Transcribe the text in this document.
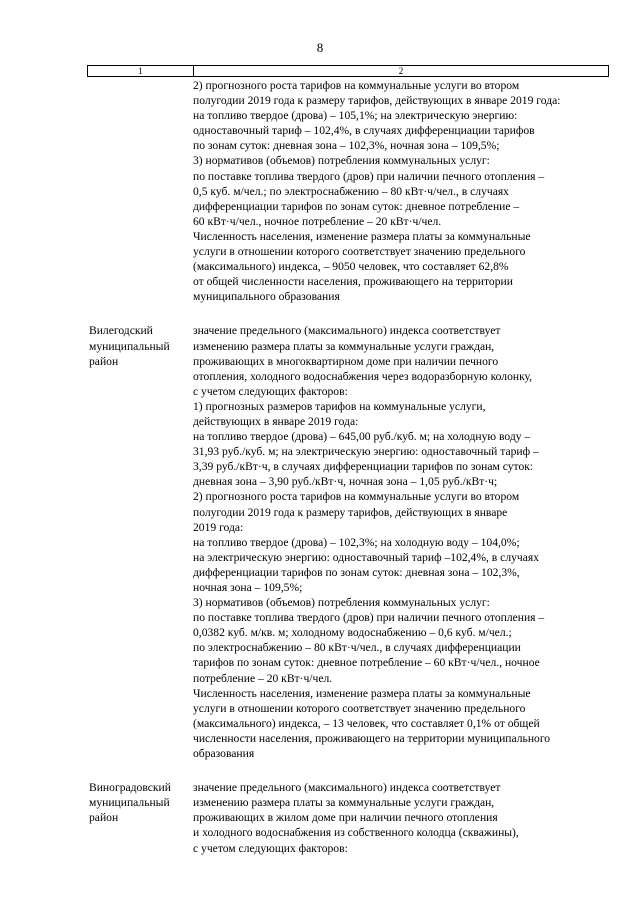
8
1	2
2) прогнозного роста тарифов на коммунальные услуги во втором
полугодии 2019 года к размеру тарифов, действующих в январе 2019 года:
на топливо твердое (дрова) – 105,1%; на электрическую энергию:
одноставочный тариф – 102,4%, в случаях дифференциации тарифов
по зонам суток: дневная зона – 102,3%, ночная зона – 109,5%;
3) нормативов (объемов) потребления коммунальных услуг:
по поставке топлива твердого (дров) при наличии печного отопления –
0,5 куб. м/чел.; по электроснабжению – 80 кВт·ч/чел., в случаях
дифференциации тарифов по зонам суток: дневное потребление –
60 кВт·ч/чел., ночное потребление – 20 кВт·ч/чел.
Численность населения, изменение размера платы за коммунальные
услуги в отношении которого соответствует значению предельного
(максимального) индекса, – 9050 человек, что составляет 62,8%
от общей численности населения, проживающего на территории
муниципального образования
Вилегодский
муниципальный
район
значение предельного (максимального) индекса соответствует
изменению размера платы за коммунальные услуги граждан,
проживающих в многоквартирном доме при наличии печного
отопления, холодного водоснабжения через водоразборную колонку,
с учетом следующих факторов:
1) прогнозных размеров тарифов на коммунальные услуги,
действующих в январе 2019 года:
на топливо твердое (дрова) – 645,00 руб./куб. м; на холодную воду –
31,93 руб./куб. м; на электрическую энергию: одноставочный тариф –
3,39 руб./кВт·ч, в случаях дифференциации тарифов по зонам суток:
дневная зона – 3,90 руб./кВт·ч, ночная зона – 1,05 руб./кВт·ч;
2) прогнозного роста тарифов на коммунальные услуги во втором
полугодии 2019 года к размеру тарифов, действующих в январе
2019 года:
на топливо твердое (дрова) – 102,3%; на холодную воду – 104,0%;
на электрическую энергию: одноставочный тариф –102,4%, в случаях
дифференциации тарифов по зонам суток: дневная зона – 102,3%,
ночная зона – 109,5%;
3) нормативов (объемов) потребления коммунальных услуг:
по поставке топлива твердого (дров) при наличии печного отопления –
0,0382 куб. м/кв. м; холодному водоснабжению – 0,6 куб. м/чел.;
по электроснабжению – 80 кВт·ч/чел., в случаях дифференциации
тарифов по зонам суток: дневное потребление – 60 кВт·ч/чел., ночное
потребление – 20 кВт·ч/чел.
Численность населения, изменение размера платы за коммунальные
услуги в отношении которого соответствует значению предельного
(максимального) индекса, – 13 человек, что составляет 0,1% от общей
численности населения, проживающего на территории муниципального
образования
Виноградовский
муниципальный
район
значение предельного (максимального) индекса соответствует
изменению размера платы за коммунальные услуги граждан,
проживающих в жилом доме при наличии печного отопления
и холодного водоснабжения из собственного колодца (скважины),
с учетом следующих факторов:
